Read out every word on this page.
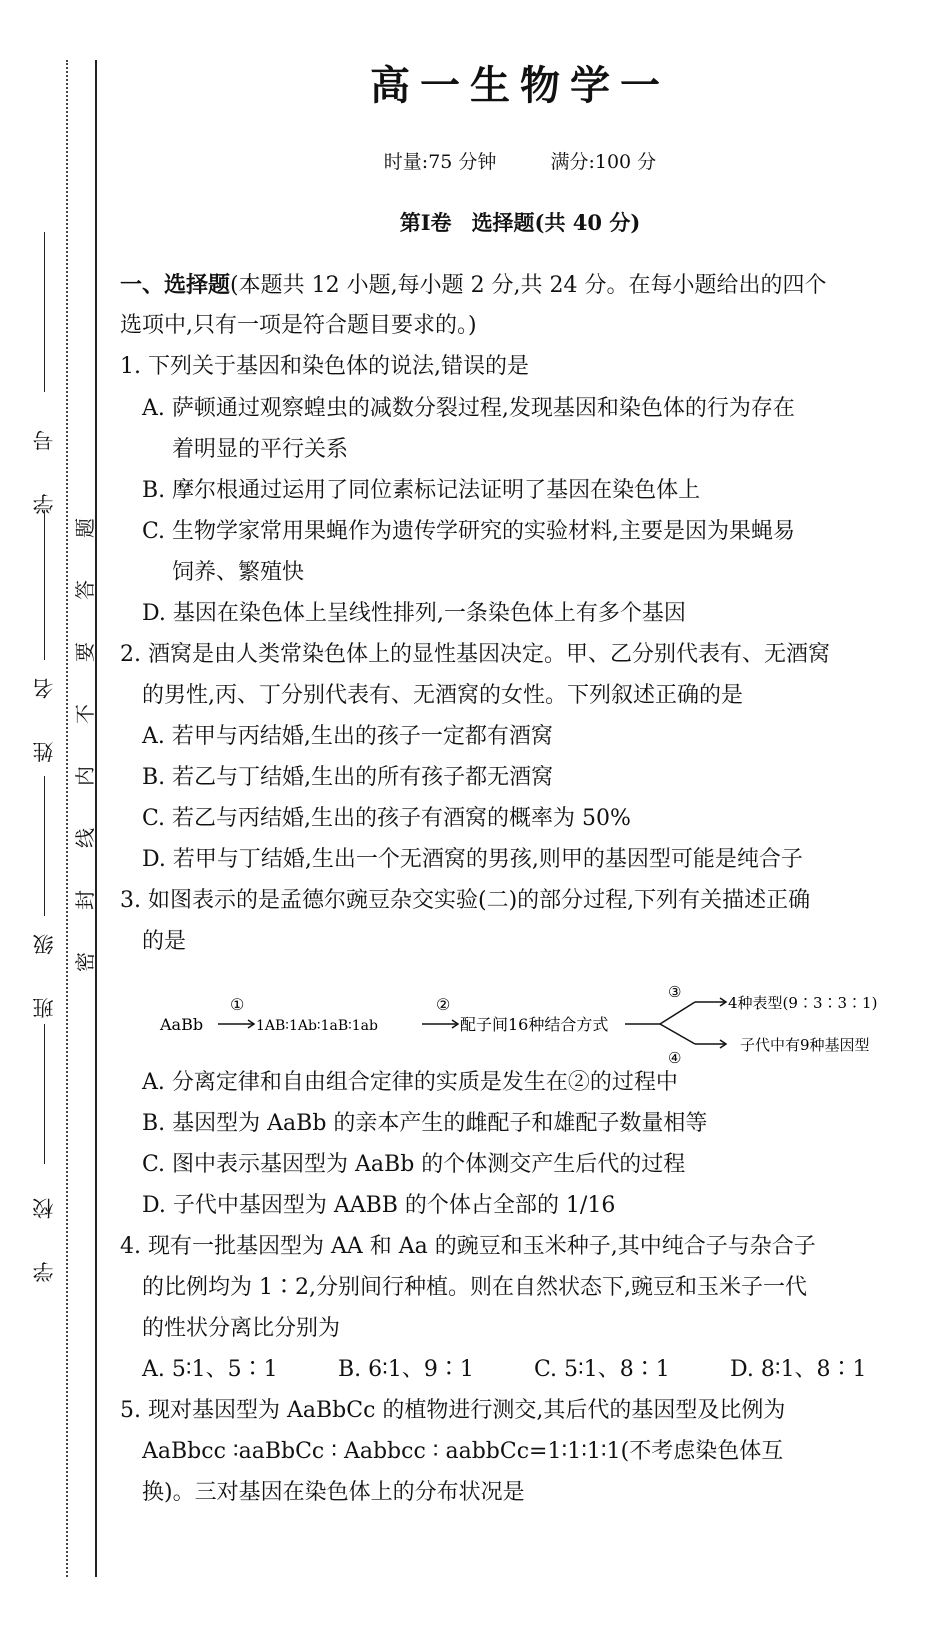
学 号
姓 名
班 级
学 校
题
答
要
不
内
线
封
密
高一生物学一
时量:75 分钟	满分:100 分
第Ⅰ卷 选择题(共 40 分)
一、选择题(本题共 12 小题,每小题 2 分,共 24 分。在每小题给出的四个
选项中,只有一项是符合题目要求的。)
1. 下列关于基因和染色体的说法,错误的是
A. 萨顿通过观察蝗虫的减数分裂过程,发现基因和染色体的行为存在
着明显的平行关系
B. 摩尔根通过运用了同位素标记法证明了基因在染色体上
C. 生物学家常用果蝇作为遗传学研究的实验材料,主要是因为果蝇易
饲养、繁殖快
D. 基因在染色体上呈线性排列,一条染色体上有多个基因
2. 酒窝是由人类常染色体上的显性基因决定。甲、乙分别代表有、无酒窝
的男性,丙、丁分别代表有、无酒窝的女性。下列叙述正确的是
A. 若甲与丙结婚,生出的孩子一定都有酒窝
B. 若乙与丁结婚,生出的所有孩子都无酒窝
C. 若乙与丙结婚,生出的孩子有酒窝的概率为 50%
D. 若甲与丁结婚,生出一个无酒窝的男孩,则甲的基因型可能是纯合子
3. 如图表示的是孟德尔豌豆杂交实验(二)的部分过程,下列有关描述正确
的是
AaBb
①
1AB∶1Ab∶1aB∶1ab
②
配子间16种结合方式
③
4种表型(9∶3∶3∶1)
④
子代中有9种基因型
A. 分离定律和自由组合定律的实质是发生在②的过程中
B. 基因型为 AaBb 的亲本产生的雌配子和雄配子数量相等
C. 图中表示基因型为 AaBb 的个体测交产生后代的过程
D. 子代中基因型为 AABB 的个体占全部的 1/16
4. 现有一批基因型为 AA 和 Aa 的豌豆和玉米种子,其中纯合子与杂合子
的比例均为 1∶2,分别间行种植。则在自然状态下,豌豆和玉米子一代
的性状分离比分别为
A. 5∶1、5∶1	B. 6∶1、9∶1	C. 5∶1、8∶1	D. 8∶1、8∶1
5. 现对基因型为 AaBbCc 的植物进行测交,其后代的基因型及比例为
AaBbcc ∶aaBbCc ∶ Aabbcc ∶ aabbCc=1∶1∶1∶1(不考虑染色体互
换)。三对基因在染色体上的分布状况是
